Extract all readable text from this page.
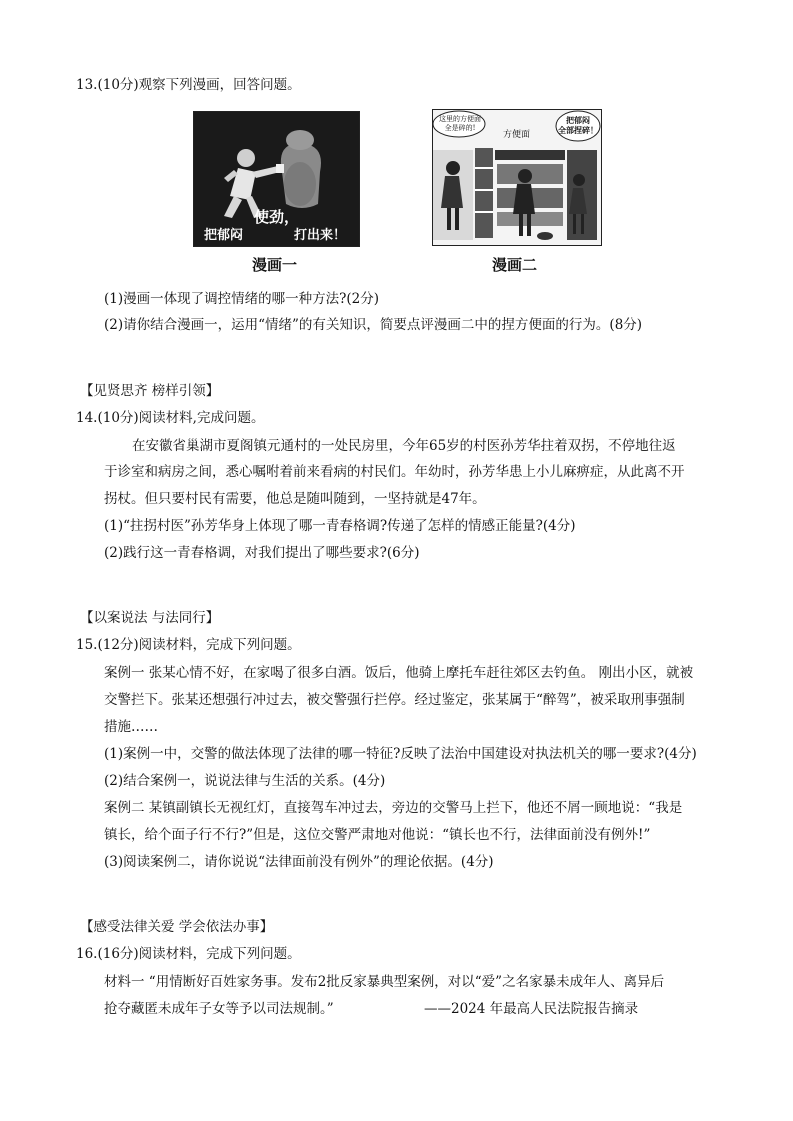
13.(10分)观察下列漫画，回答问题。
使劲，
把郁闷	打出来！
漫画一
这里的方便面
全是碎的!
方便面
把郁闷
全部捏碎！
漫画二
(1)漫画一体现了调控情绪的哪一种方法?(2分)
(2)请你结合漫画一，运用“情绪”的有关知识，简要点评漫画二中的捏方便面的行为。(8分)
【见贤思齐 榜样引领】
14.(10分)阅读材料,完成问题。
在安徽省巢湖市夏阁镇元通村的一处民房里，今年65岁的村医孙芳华拄着双拐，不停地往返
于诊室和病房之间，悉心嘱咐着前来看病的村民们。年幼时，孙芳华患上小儿麻痹症，从此离不开
拐杖。但只要村民有需要，他总是随叫随到，一坚持就是47年。
(1)“拄拐村医”孙芳华身上体现了哪一青春格调?传递了怎样的情感正能量?(4分)
(2)践行这一青春格调，对我们提出了哪些要求?(6分)
【以案说法 与法同行】
15.(12分)阅读材料，完成下列问题。
案例一 张某心情不好，在家喝了很多白酒。饭后，他骑上摩托车赶往郊区去钓鱼。 刚出小区，就被
交警拦下。张某还想强行冲过去，被交警强行拦停。经过鉴定，张某属于“醉驾”，被采取刑事强制
措施……
(1)案例一中，交警的做法体现了法律的哪一特征?反映了法治中国建设对执法机关的哪一要求?(4分)
(2)结合案例一，说说法律与生活的关系。(4分)
案例二 某镇副镇长无视红灯，直接驾车冲过去，旁边的交警马上拦下，他还不屑一顾地说：“我是
镇长，给个面子行不行?”但是，这位交警严肃地对他说：“镇长也不行，法律面前没有例外!”
(3)阅读案例二，请你说说“法律面前没有例外”的理论依据。(4分)
【感受法律关爱 学会依法办事】
16.(16分)阅读材料，完成下列问题。
材料一 “用情断好百姓家务事。发布2批反家暴典型案例，对以“爱”之名家暴未成年人、离异后
抢夺藏匿未成年子女等予以司法规制。”	——2024 年最高人民法院报告摘录
